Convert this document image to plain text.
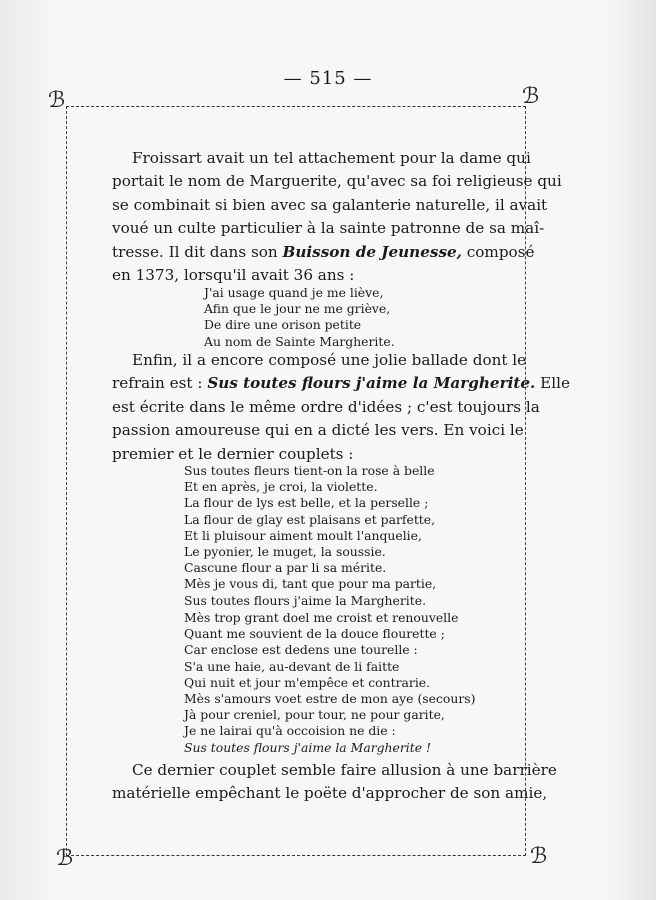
— 515 —
ℬ	ℬ
ℬ	ℬ
Froissart avait un tel attachement pour la dame qui
portait le nom de Marguerite, qu'avec sa foi religieuse qui
se combinait si bien avec sa galanterie naturelle, il avait
voué un culte particulier à la sainte patronne de sa maî-
tresse. Il dit dans son Buisson de Jeunesse, composé
en 1373, lorsqu'il avait 36 ans :
J'ai usage quand je me liève,
Afin que le jour ne me griève,
De dire une orison petite
Au nom de Sainte Margherite.
Enfin, il a encore composé une jolie ballade dont le
refrain est : Sus toutes flours j'aime la Margherite. Elle
est écrite dans le même ordre d'idées ; c'est toujours la
passion amoureuse qui en a dicté les vers. En voici le
premier et le dernier couplets :
Sus toutes fleurs tient-on la rose à belle
Et en après, je croi, la violette.
La flour de lys est belle, et la perselle ;
La flour de glay est plaisans et parfette,
Et li pluisour aiment moult l'anquelie,
Le pyonier, le muget, la soussie.
Cascune flour a par li sa mérite.
Mès je vous di, tant que pour ma partie,
Sus toutes flours j'aime la Margherite.
Mès trop grant doel me croist et renouvelle
Quant me souvient de la douce flourette ;
Car enclose est dedens une tourelle :
S'a une haie, au-devant de li faitte
Qui nuit et jour m'empêce et contrarie.
Mès s'amours voet estre de mon aye (secours)
Jà pour creniel, pour tour, ne pour garite,
Je ne lairai qu'à occoision ne die :
Sus toutes flours j'aime la Margherite !
Ce dernier couplet semble faire allusion à une barrière
matérielle empêchant le poëte d'approcher de son amie,
